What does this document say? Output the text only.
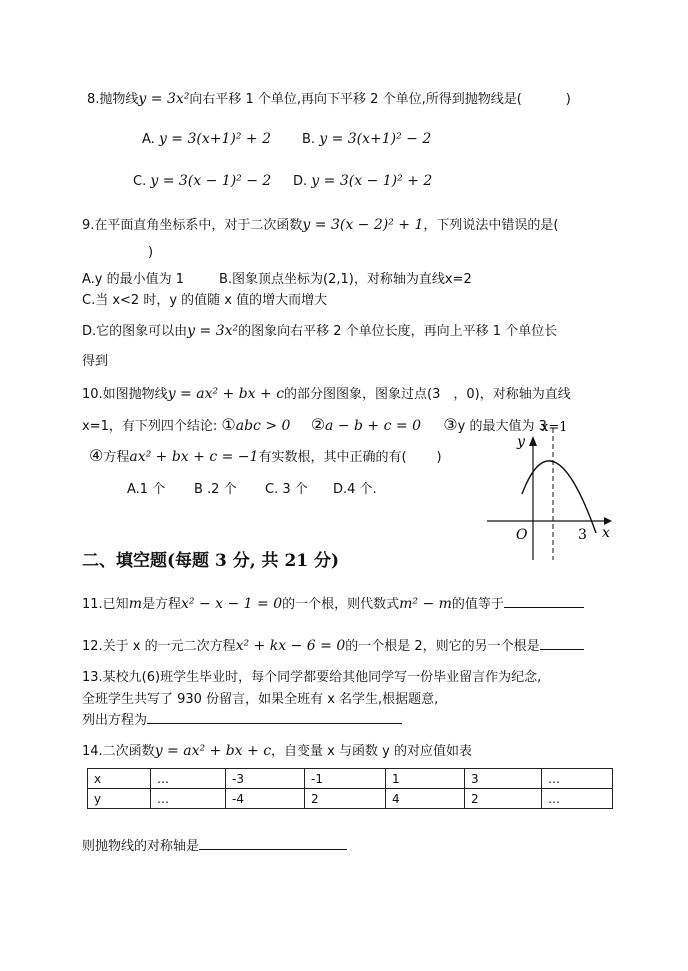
8.抛物线y = 3x²向右平移 1 个单位,再向下平移 2 个单位,所得到抛物线是(	)
A. y = 3(x+1)² + 2 B. y = 3(x+1)² − 2
C. y = 3(x − 1)² − 2 D. y = 3(x − 1)² + 2
9.在平面直角坐标系中，对于二次函数y = 3(x − 2)² + 1，下列说法中错误的是(
)
A.y 的最小值为 1	B.图象顶点坐标为(2,1)，对称轴为直线x=2
C.当 x<2 时，y 的值随 x 值的增大而增大
D.它的图象可以由y = 3x²的图象向右平移 2 个单位长度，再向上平移 1 个单位长
得到
10.如图抛物线y = ax² + bx + c的部分图图象，图象过点(3　，0)，对称轴为直线
x=1，有下列四个结论: ①abc > 0 ②a − b + c = 0 ③y 的最大值为 3
④方程ax² + bx + c = −1有实数根，其中正确的有( )
A.1 个 B .2 个 C. 3 个 D.4 个.
y
x
O	3
x=1
二、填空题(每题 3 分, 共 21 分)
11.已知m是方程x² − x − 1 = 0的一个根，则代数式m² − m的值等于
12.关于 x 的一元二次方程x² + kx − 6 = 0的一个根是 2，则它的另一个根是
13.某校九(6)班学生毕业时，每个同学都要给其他同学写一份毕业留言作为纪念,
全班学生共写了 930 份留言，如果全班有 x 名学生,根据题意,
列出方程为
14.二次函数y = ax² + bx + c，自变量 x 与函数 y 的对应值如表
x	…	-3	-1	1	3	…
y	…	-4	2	4	2	…
则抛物线的对称轴是
